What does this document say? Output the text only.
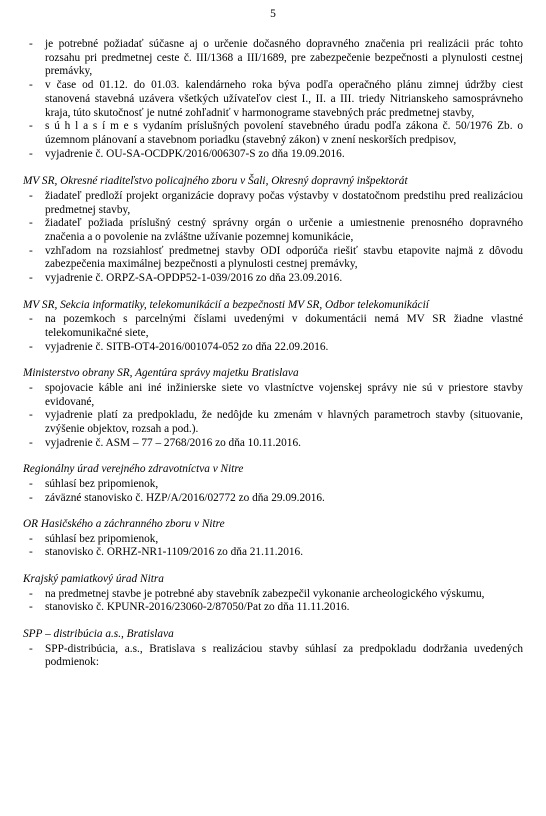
5
- je potrebné požiadať súčasne aj o určenie dočasného dopravného značenia pri realizácii prác tohto rozsahu pri predmetnej ceste č. III/1368 a III/1689, pre zabezpečenie bezpečnosti a plynulosti cestnej premávky,
- v čase od 01.12. do 01.03. kalendárneho roka býva podľa operačného plánu zimnej údržby ciest stanovená stavebná uzávera všetkých užívateľov ciest I., II. a III. triedy Nitrianskeho samosprávneho kraja, túto skutočnosť je nutné zohľadniť v harmonograme stavebných prác predmetnej stavby,
- s ú h l a s í m e s vydaním príslušných povolení stavebného úradu podľa zákona č. 50/1976 Zb. o územnom plánovaní a stavebnom poriadku (stavebný zákon) v znení neskorších predpisov,
- vyjadrenie č. OU-SA-OCDPK/2016/006307-S zo dňa 19.09.2016.
MV SR, Okresné riaditeľstvo policajného zboru v Šali, Okresný dopravný inšpektorát
- žiadateľ predloží projekt organizácie dopravy počas výstavby v dostatočnom predstihu pred realizáciou predmetnej stavby,
- žiadateľ požiada príslušný cestný správny orgán o určenie a umiestnenie prenosného dopravného značenia a o povolenie na zvláštne užívanie pozemnej komunikácie,
- vzhľadom na rozsiahlosť predmetnej stavby ODI odporúča riešiť stavbu etapovite najmä z dôvodu zabezpečenia maximálnej bezpečnosti a plynulosti cestnej premávky,
- vyjadrenie č. ORPZ-SA-OPDP52-1-039/2016 zo dňa 23.09.2016.
MV SR, Sekcia informatiky, telekomunikácií a bezpečnosti MV SR, Odbor telekomunikácií
- na pozemkoch s parcelnými číslami uvedenými v dokumentácii nemá MV SR žiadne vlastné telekomunikačné siete,
- vyjadrenie č. SITB-OT4-2016/001074-052 zo dňa 22.09.2016.
Ministerstvo obrany SR, Agentúra správy majetku Bratislava
- spojovacie káble ani iné inžinierske siete vo vlastníctve vojenskej správy nie sú v priestore stavby evidované,
- vyjadrenie platí za predpokladu, že nedôjde ku zmenám v hlavných parametroch stavby (situovanie, zvýšenie objektov, rozsah a pod.).
- vyjadrenie č. ASM – 77 – 2768/2016 zo dňa 10.11.2016.
Regionálny úrad verejného zdravotníctva v Nitre
- súhlasí bez pripomienok,
- záväzné stanovisko č. HZP/A/2016/02772 zo dňa 29.09.2016.
OR Hasičského a záchranného zboru v Nitre
- súhlasí bez pripomienok,
- stanovisko č. ORHZ-NR1-1109/2016 zo dňa 21.11.2016.
Krajský pamiatkový úrad Nitra
- na predmetnej stavbe je potrebné aby stavebník zabezpečil vykonanie archeologického výskumu,
- stanovisko č. KPUNR-2016/23060-2/87050/Pat zo dňa 11.11.2016.
SPP – distribúcia a.s., Bratislava
- SPP-distribúcia, a.s., Bratislava s realizáciou stavby súhlasí za predpokladu dodržania uvedených podmienok:
